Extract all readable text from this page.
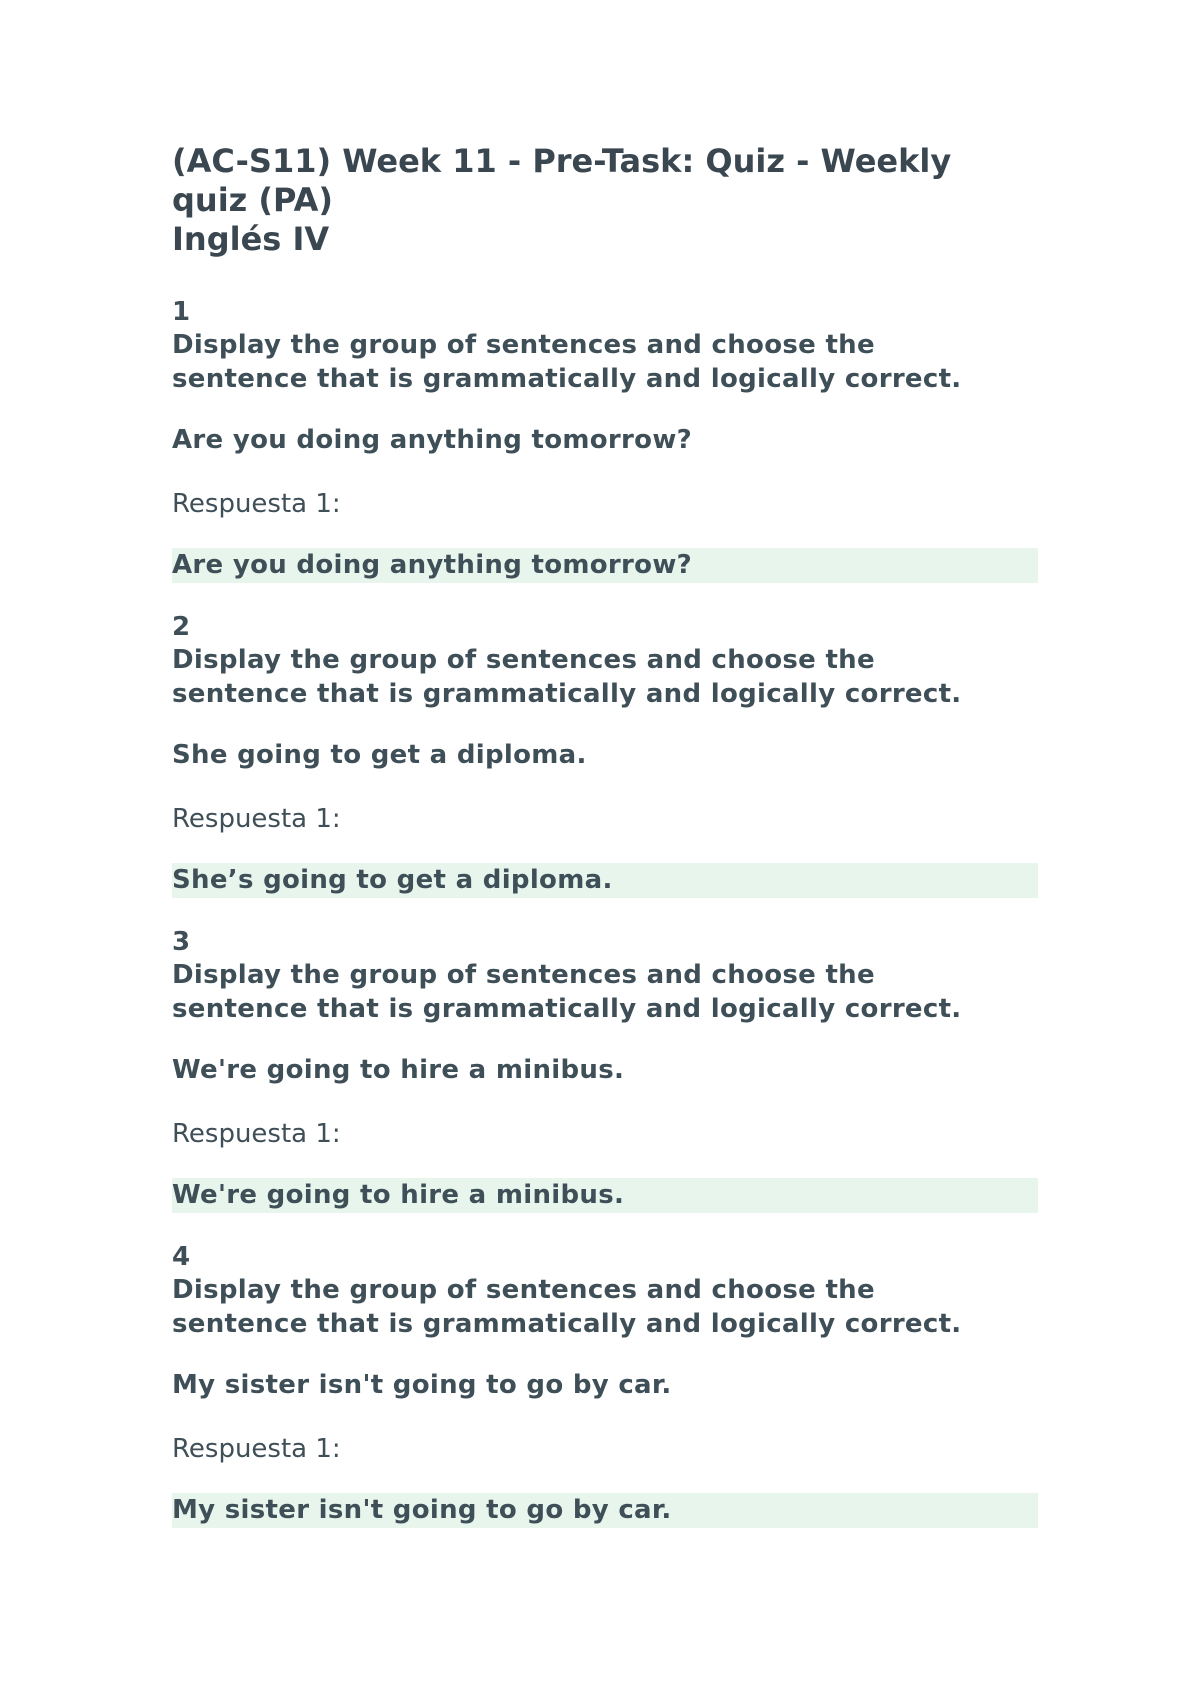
(AC-S11) Week 11 - Pre-Task: Quiz - Weekly
quiz (PA)
Inglés IV
1
Display the group of sentences and choose the
sentence that is grammatically and logically correct.
Are you doing anything tomorrow?
Respuesta 1:
Are you doing anything tomorrow?
2
Display the group of sentences and choose the
sentence that is grammatically and logically correct.
She going to get a diploma.
Respuesta 1:
She’s going to get a diploma.
3
Display the group of sentences and choose the
sentence that is grammatically and logically correct.
We're going to hire a minibus.
Respuesta 1:
We're going to hire a minibus.
4
Display the group of sentences and choose the
sentence that is grammatically and logically correct.
My sister isn't going to go by car.
Respuesta 1:
My sister isn't going to go by car.
